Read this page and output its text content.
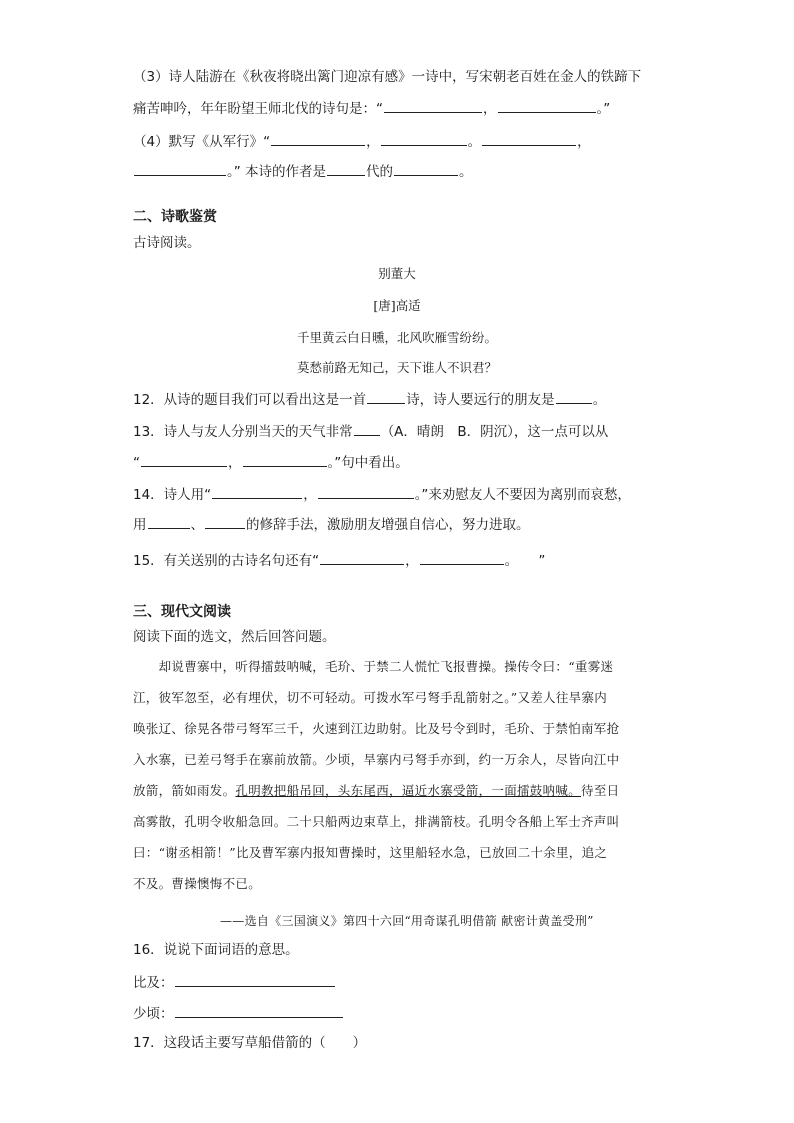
（3）诗人陆游在《秋夜将晓出篱门迎凉有感》一诗中，写宋朝老百姓在金人的铁蹄下
痛苦呻吟，年年盼望王师北伐的诗句是：“	，	。”
（4）默写《从军行》“	，	。	，
。” 本诗的作者是	代的	。
二、诗歌鉴赏
古诗阅读。
别董大
[唐]高适
千里黄云白日曛，北风吹雁雪纷纷。
莫愁前路无知己，天下谁人不识君？
12．从诗的题目我们可以看出这是一首	诗，诗人要远行的朋友是	。
13．诗人与友人分别当天的天气非常 （A．晴朗　B．阴沉），这一点可以从
“	，	。”句中看出。
14．诗人用“	，	。”来劝慰友人不要因为离别而哀愁，
用	、	的修辞手法，激励朋友增强自信心，努力进取。
15．有关送别的古诗名句还有“	，	。　　”
三、现代文阅读
阅读下面的选文，然后回答问题。
　　却说曹寨中，听得擂鼓呐喊，毛玠、于禁二人慌忙飞报曹操。操传令曰：“重雾迷
江，彼军忽至，必有埋伏，切不可轻动。可拨水军弓弩手乱箭射之。”又差人往旱寨内
唤张辽、徐晃各带弓弩军三千，火速到江边助射。比及号令到时，毛玠、于禁怕南军抢
入水寨，已差弓弩手在寨前放箭。少顷，旱寨内弓弩手亦到，约一万余人，尽皆向江中
放箭，箭如雨发。孔明教把船吊回，头东尾西，逼近水寨受箭，一面擂鼓呐喊。待至日
高雾散，孔明令收船急回。二十只船两边束草上，排满箭枝。孔明令各船上军士齐声叫
曰：“谢丞相箭！”比及曹军寨内报知曹操时，这里船轻水急，已放回二十余里，追之
不及。曹操懊悔不已。
——选自《三国演义》第四十六回“用奇谋孔明借箭 献密计黄盖受刑”
16．说说下面词语的意思。
比及：
少顷：
17．这段话主要写草船借箭的（　　）
